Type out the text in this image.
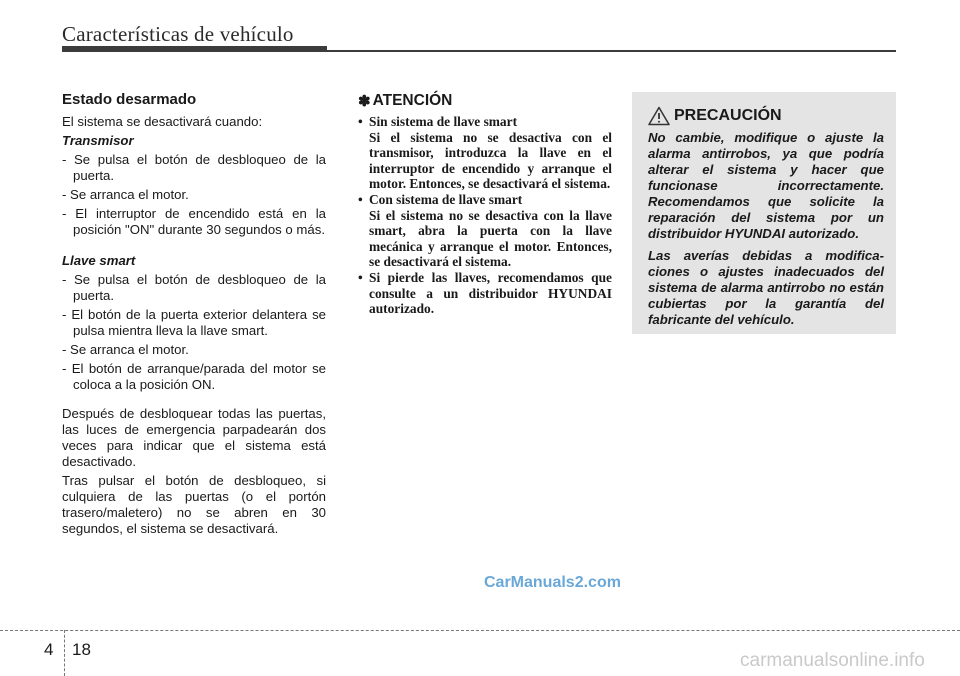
Características de vehículo
Estado desarmado
El sistema se desactivará cuando:
Transmisor
- Se pulsa el botón de desbloqueo de la puerta.
- Se arranca el motor.
- El interruptor de encendido está en la posición "ON" durante 30 segundos o más.
Llave smart
- Se pulsa el botón de desbloqueo de la puerta.
- El botón de la puerta exterior delantera se pulsa mientra lleva la llave smart.
- Se arranca el motor.
- El botón de arranque/parada del motor se coloca a la posición ON.
Después de desbloquear todas las puertas, las luces de emergencia parpadearán dos veces para indicar que el sistema está desactivado.
Tras pulsar el botón de desbloqueo, si culquiera de las puertas (o el portón trasero/maletero) no se abren en 30 segundos, el sistema se desactivará.
✽ ATENCIÓN
• Sin sistema de llave smart
Si el sistema no se desactiva con el transmisor, introduzca la llave en el interruptor de encendido y arranque el motor. Entonces, se desactivará el sistema.
• Con sistema de llave smart
Si el sistema no se desactiva con la llave smart, abra la puerta con la llave mecánica y arranque el motor. Entonces, se desactivará el sistema.
• Si pierde las llaves, recomendamos que consulte a un distribuidor HYUNDAI autorizado.
PRECAUCIÓN
No cambie, modifique o ajuste la alarma antirrobos, ya que podría alterar el sistema y hacer que funcionase incorrectamente. Recomendamos que solicite la reparación del sistema por un distribuidor HYUNDAI autorizado.
Las averías debidas a modifica-ciones o ajustes inadecuados del sistema de alarma antirrobo no están cubiertas por la garantía del fabricante del vehículo.
CarManuals2.com
4 18
carmanualsonline.info
